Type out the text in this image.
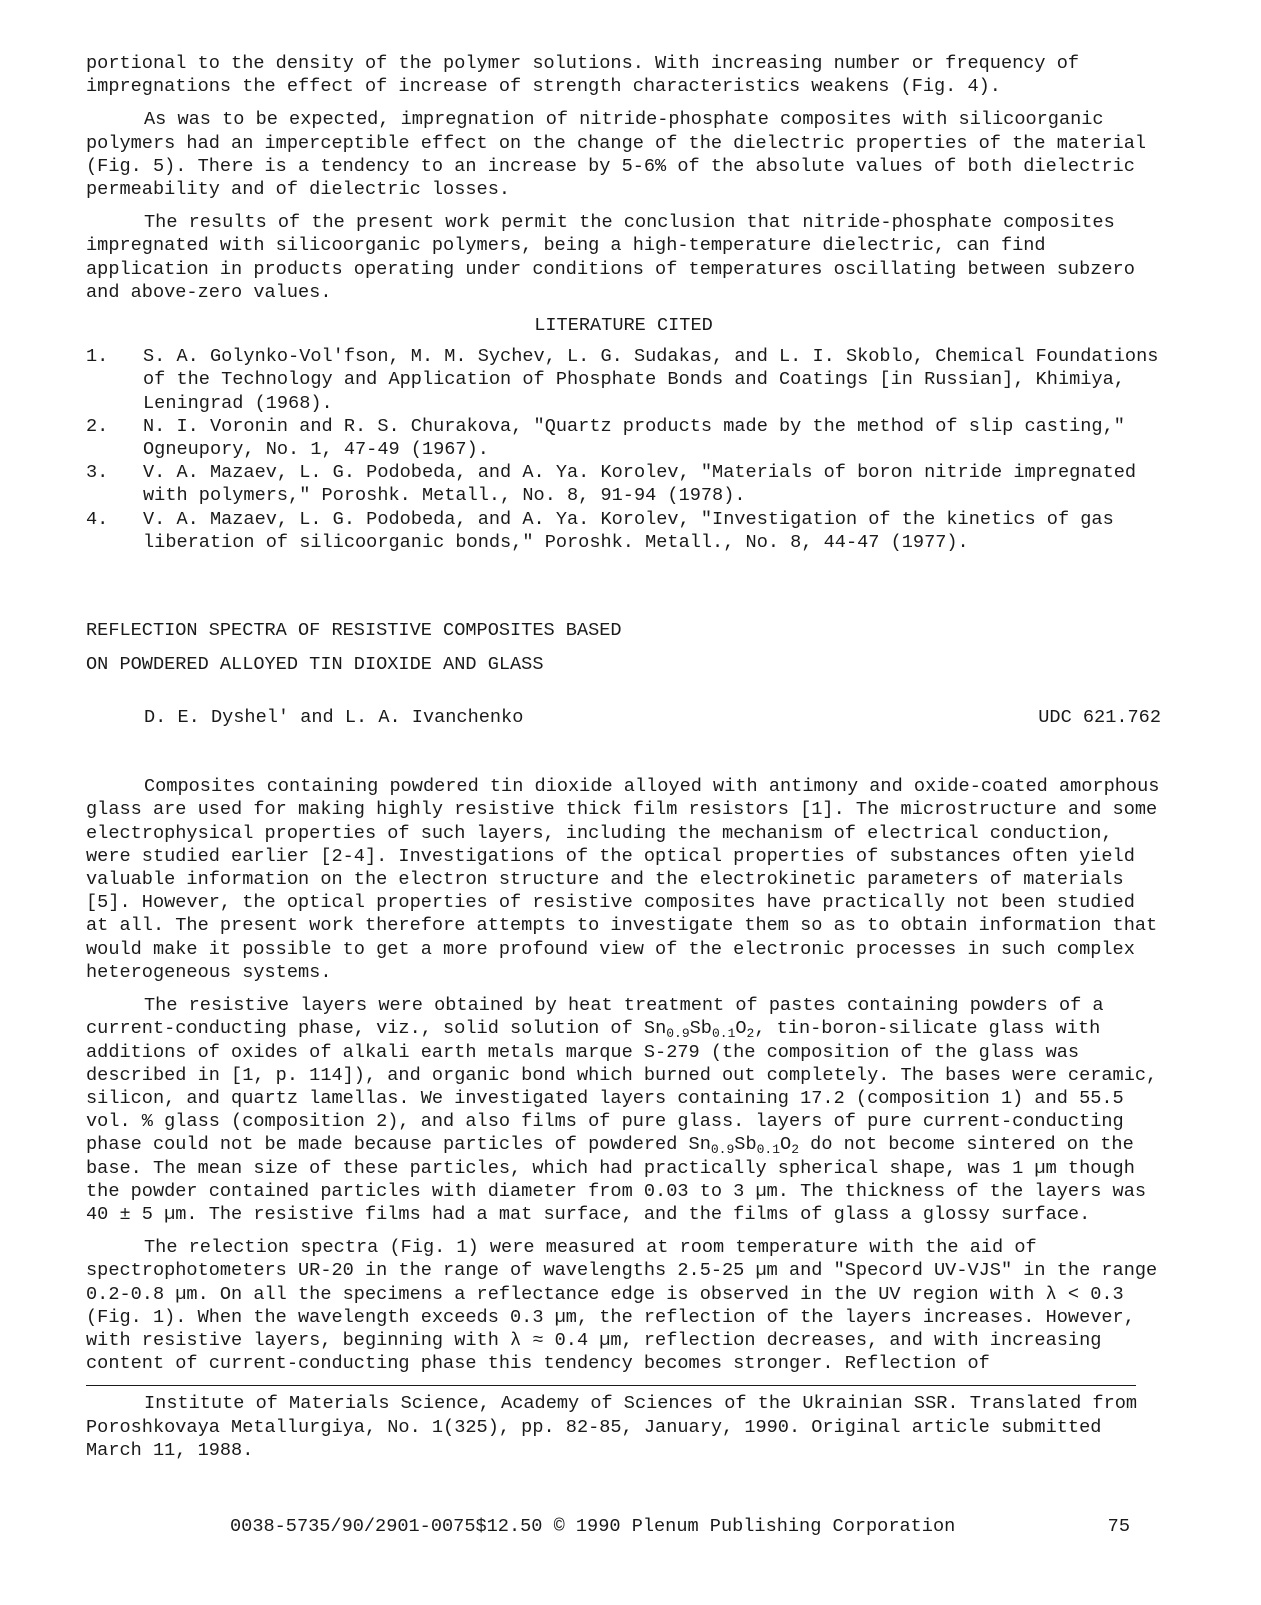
portional to the density of the polymer solutions. With increasing number or frequency of impregnations the effect of increase of strength characteristics weakens (Fig. 4).

As was to be expected, impregnation of nitride-phosphate composites with silicoorganic polymers had an imperceptible effect on the change of the dielectric properties of the material (Fig. 5). There is a tendency to an increase by 5-6% of the absolute values of both dielectric permeability and of dielectric losses.

The results of the present work permit the conclusion that nitride-phosphate composites impregnated with silicoorganic polymers, being a high-temperature dielectric, can find application in products operating under conditions of temperatures oscillating between subzero and above-zero values.

LITERATURE CITED
1.	S. A. Golynko-Vol'fson, M. M. Sychev, L. G. Sudakas, and L. I. Skoblo, Chemical Foundations of the Technology and Application of Phosphate Bonds and Coatings [in Russian], Khimiya, Leningrad (1968).
2.	N. I. Voronin and R. S. Churakova, "Quartz products made by the method of slip casting," Ogneupory, No. 1, 47-49 (1967).
3.	V. A. Mazaev, L. G. Podobeda, and A. Ya. Korolev, "Materials of boron nitride impregnated with polymers," Poroshk. Metall., No. 8, 91-94 (1978).
4.	V. A. Mazaev, L. G. Podobeda, and A. Ya. Korolev, "Investigation of the kinetics of gas liberation of silicoorganic bonds," Poroshk. Metall., No. 8, 44-47 (1977).
REFLECTION SPECTRA OF RESISTIVE COMPOSITES BASED
ON POWDERED ALLOYED TIN DIOXIDE AND GLASS
D. E. Dyshel' and L. A. Ivanchenko	UDC 621.762

Composites containing powdered tin dioxide alloyed with antimony and oxide-coated amorphous glass are used for making highly resistive thick film resistors [1]. The microstructure and some electrophysical properties of such layers, including the mechanism of electrical conduction, were studied earlier [2-4]. Investigations of the optical properties of substances often yield valuable information on the electron structure and the electrokinetic parameters of materials [5]. However, the optical properties of resistive composites have practically not been studied at all. The present work therefore attempts to investigate them so as to obtain information that would make it possible to get a more profound view of the electronic processes in such complex heterogeneous systems.

The resistive layers were obtained by heat treatment of pastes containing powders of a current-conducting phase, viz., solid solution of $Sn_{0.9}Sb_{0.1}O_2$, tin-boron-silicate glass with additions of oxides of alkali earth metals marque S-279 (the composition of the glass was described in [1, p. 114]), and organic bond which burned out completely. The bases were ceramic, silicon, and quartz lamellas. We investigated layers containing 17.2 (composition 1) and 55.5 vol. % glass (composition 2), and also films of pure glass. layers of pure current-conducting phase could not be made because particles of powdered $Sn_{0.9}Sb_{0.1}O_2$ do not become sintered on the base. The mean size of these particles, which had practically spherical shape, was 1 µm though the powder contained particles with diameter from 0.03 to 3 µm. The thickness of the layers was 40 ± 5 µm. The resistive films had a mat surface, and the films of glass a glossy surface.

The relection spectra (Fig. 1) were measured at room temperature with the aid of spectrophotometers UR-20 in the range of wavelengths 2.5-25 µm and "Specord UV-VJS" in the range 0.2-0.8 µm. On all the specimens a reflectance edge is observed in the UV region with λ < 0.3 (Fig. 1). When the wavelength exceeds 0.3 µm, the reflection of the layers increases. However, with resistive layers, beginning with λ ≈ 0.4 µm, reflection decreases, and with increasing content of current-conducting phase this tendency becomes stronger. Reflection of

Institute of Materials Science, Academy of Sciences of the Ukrainian SSR. Translated from Poroshkovaya Metallurgiya, No. 1(325), pp. 82-85, January, 1990. Original article submitted March 11, 1988.

0038-5735/90/2901-0075$12.50 © 1990 Plenum Publishing Corporation	75
